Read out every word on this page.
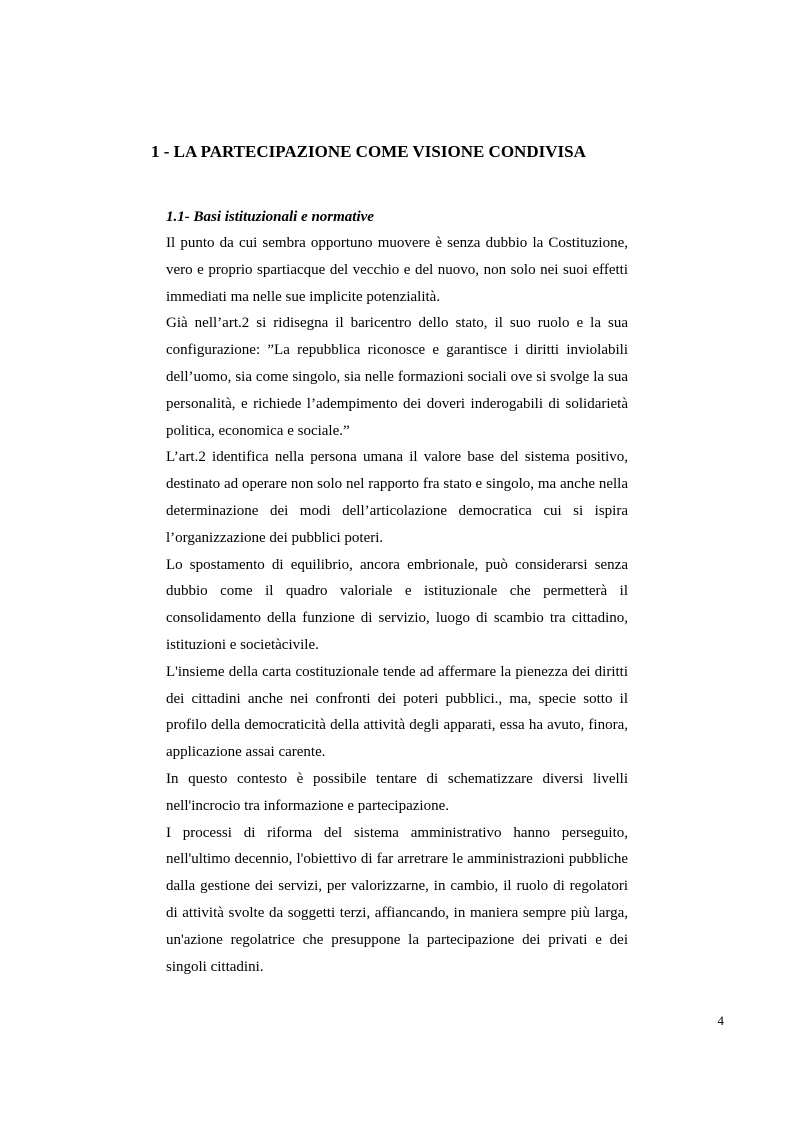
1 - LA PARTECIPAZIONE COME VISIONE CONDIVISA
1.1- Basi istituzionali e normative

Il punto da cui sembra opportuno muovere è senza dubbio la Costituzione, vero e proprio spartiacque del vecchio e del nuovo, non solo nei suoi effetti immediati ma nelle sue implicite potenzialità.

Già nell’art.2 si ridisegna il baricentro dello stato, il suo ruolo e la sua configurazione: ”La repubblica riconosce e garantisce i diritti inviolabili dell’uomo, sia come singolo, sia nelle formazioni sociali ove si svolge la sua personalità, e richiede l’adempimento dei doveri inderogabili di solidarietà politica, economica e sociale.”

L’art.2 identifica nella persona umana il valore base del sistema positivo, destinato ad operare non solo nel rapporto fra stato e singolo, ma anche nella determinazione dei modi dell’articolazione democratica cui si ispira l’organizzazione dei pubblici poteri.

Lo spostamento di equilibrio, ancora embrionale, può considerarsi senza dubbio come il quadro valoriale e istituzionale che permetterà il consolidamento della funzione di servizio, luogo di scambio tra cittadino, istituzioni e societàcivile.

L'insieme della carta costituzionale tende ad affermare la pienezza dei diritti dei cittadini anche nei confronti dei poteri pubblici., ma, specie sotto il profilo della democraticità della attività degli apparati, essa ha avuto, finora, applicazione assai carente.

In questo contesto è possibile tentare di schematizzare diversi livelli nell'incrocio tra informazione e partecipazione.

I processi di riforma del sistema amministrativo hanno perseguito, nell'ultimo decennio, l'obiettivo di far arretrare le amministrazioni pubbliche dalla gestione dei servizi, per valorizzarne, in cambio, il ruolo di regolatori di attività svolte da soggetti terzi, affiancando, in maniera sempre più larga, un'azione regolatrice che presuppone la partecipazione dei privati e dei singoli cittadini.

4
